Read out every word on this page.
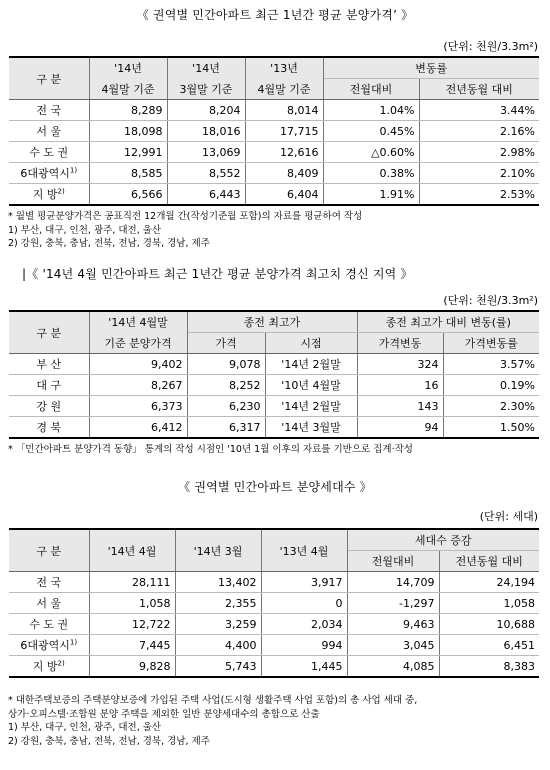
《 권역별 민간아파트 최근 1년간 평균 분양가격’ 》
(단위: 천원/3.3m²)
구 분	'14년	'14년	'13년	변동률	
	4월말 기준	3월말 기준	4월말 기준	전월대비	전년동월 대비
전 국	8,289	8,204	8,014	1.04%	3.44%
서 울	18,098	18,016	17,715	0.45%	2.16%
수 도 권	12,991	13,069	12,616	△0.60%	2.98%
6대광역시$^{1)}$	8,585	8,552	8,409	0.38%	2.10%
지 방$^{2)}$	6,566	6,443	6,404	1.91%	2.53%
* 월별 평균분양가격은 공표직전 12개월 간(작성기준월 포함)의 자료를 평균하여 작성
1) 부산, 대구, 인천, 광주, 대전, 울산
2) 강원, 충북, 충남, 전북, 전남, 경북, 경남, 제주
|《 '14년 4월 민간아파트 최근 1년간 평균 분양가격 최고치 경신 지역 》
(단위: 천원/3.3m²)
구 분	'14년 4월말	종전 최고가		종전 최고가 대비 변동(률)	
	기준 분양가격	가격	시점	가격변동	가격변동률
부 산	9,402	9,078	'14년 2월말	324	3.57%
대 구	8,267	8,252	'10년 4월말	16	0.19%
강 원	6,373	6,230	'14년 2월말	143	2.30%
경 북	6,412	6,317	'14년 3월말	94	1.50%
* 「민간아파트 분양가격 동향」 통계의 작성 시점인 '10년 1월 이후의 자료를 기반으로 집계·작성
《 권역별 민간아파트 분양세대수 》
(단위: 세대)
구 분	'14년 4월	'14년 3월	'13년 4월	세대수 증감	
				전월대비	전년동월 대비
전 국	28,111	13,402	3,917	14,709	24,194
서 울	1,058	2,355	0	-1,297	1,058
수 도 권	12,722	3,259	2,034	9,463	10,688
6대광역시$^{1)}$	7,445	4,400	994	3,045	6,451
지 방$^{2)}$	9,828	5,743	1,445	4,085	8,383
* 대한주택보증의 주택분양보증에 가입된 주택 사업(도시형 생활주택 사업 포함)의 총 사업 세대 중,
상가·오피스텔·조합원 분양 주택을 제외한 일반 분양세대수의 총합으로 산출
1) 부산, 대구, 인천, 광주, 대전, 울산
2) 강원, 충북, 충남, 전북, 전남, 경북, 경남, 제주
